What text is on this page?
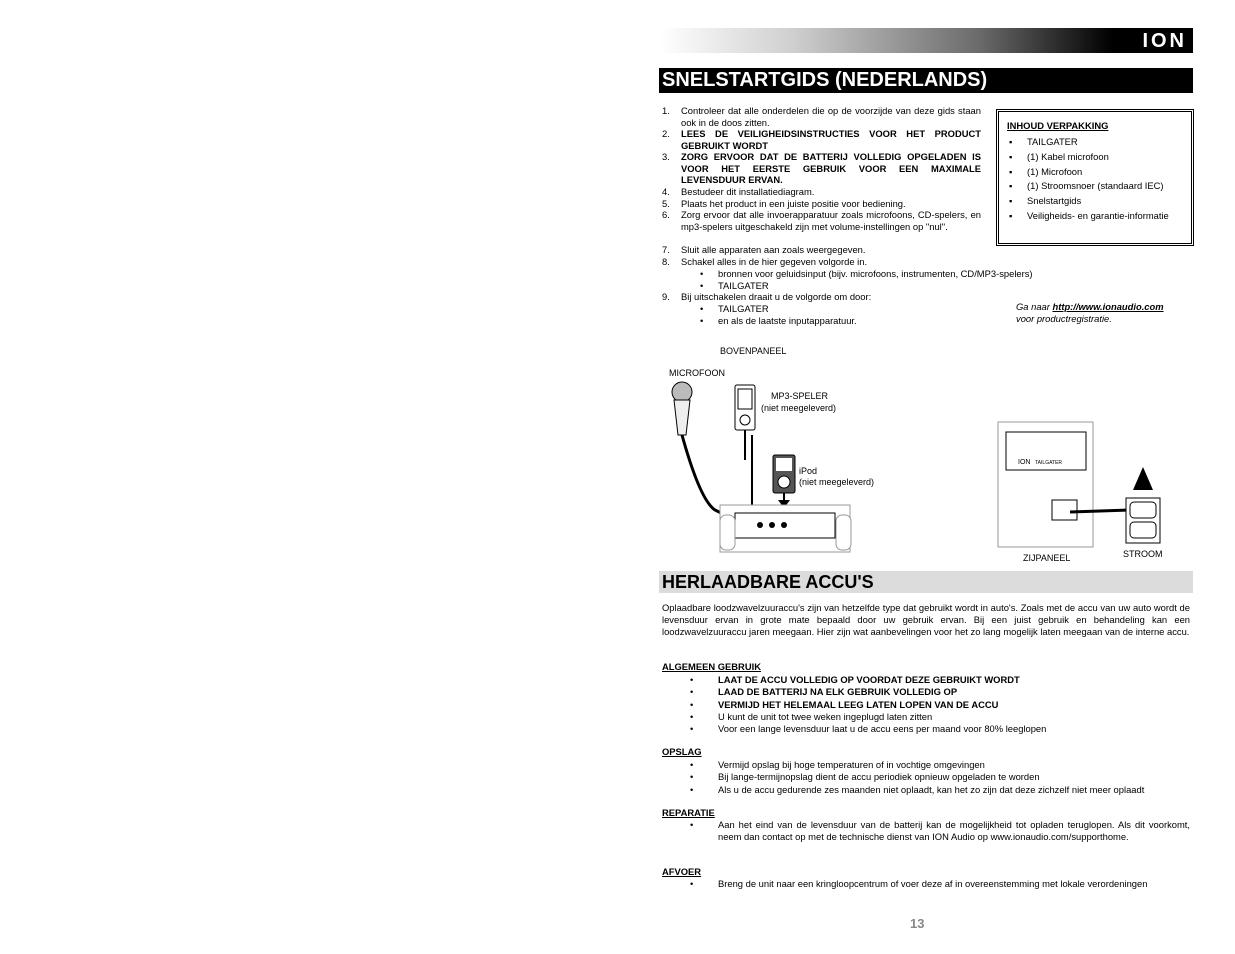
ION
SNELSTARTGIDS (NEDERLANDS)
1.	Controleer dat alle onderdelen die op de voorzijde van deze gids staan ook in de doos zitten.
2.	LEES DE VEILIGHEIDSINSTRUCTIES VOOR HET PRODUCT GEBRUIKT WORDT
3.	ZORG ERVOOR DAT DE BATTERIJ VOLLEDIG OPGELADEN IS VOOR HET EERSTE GEBRUIK VOOR EEN MAXIMALE LEVENSDUUR ERVAN.
4.	Bestudeer dit installatiediagram.
5.	Plaats het product in een juiste positie voor bediening.
6.	Zorg ervoor dat alle invoerapparatuur zoals microfoons, CD-spelers, en mp3-spelers uitgeschakeld zijn met volume-instellingen op "nul".
7.	Sluit alle apparaten aan zoals weergegeven.
8.	Schakel alles in de hier gegeven volgorde in.
• bronnen voor geluidsinput (bijv. microfoons, instrumenten, CD/MP3-spelers)
• TAILGATER
9.	Bij uitschakelen draait u de volgorde om door:
• TAILGATER
• en als de laatste inputapparatuur.
INHOUD VERPAKKING
▪ TAILGATER
▪ (1) Kabel microfoon
▪ (1) Microfoon
▪ (1) Stroomsnoer (standaard IEC)
▪ Snelstartgids
▪ Veiligheids- en garantie-informatie
Ga naar http://www.ionaudio.com
voor productregistratie.
BOVENPANEEL
MICROFOON
MP3-SPELER
(niet meegeleverd)
iPod
(niet meegeleverd)
ZIJPANEEL	STROOM
ION TAILGATER
HERLAADBARE ACCU'S
Oplaadbare loodzwavelzuuraccu's zijn van hetzelfde type dat gebruikt wordt in auto's. Zoals met de accu van uw auto wordt de levensduur ervan in grote mate bepaald door uw gebruik ervan. Bij een juist gebruik en behandeling kan een loodzwavelzuuraccu jaren meegaan. Hier zijn wat aanbevelingen voor het zo lang mogelijk laten meegaan van de interne accu.
ALGEMEEN GEBRUIK
•	LAAT DE ACCU VOLLEDIG OP VOORDAT DEZE GEBRUIKT WORDT
•	LAAD DE BATTERIJ NA ELK GEBRUIK VOLLEDIG OP
•	VERMIJD HET HELEMAAL LEEG LATEN LOPEN VAN DE ACCU
•	U kunt de unit tot twee weken ingeplugd laten zitten
•	Voor een lange levensduur laat u de accu eens per maand voor 80% leeglopen
OPSLAG
•	Vermijd opslag bij hoge temperaturen of in vochtige omgevingen
•	Bij lange-termijnopslag dient de accu periodiek opnieuw opgeladen te worden
•	Als u de accu gedurende zes maanden niet oplaadt, kan het zo zijn dat deze zichzelf niet meer oplaadt
REPARATIE
•	Aan het eind van de levensduur van de batterij kan de mogelijkheid tot opladen teruglopen. Als dit voorkomt, neem dan contact op met de technische dienst van ION Audio op www.ionaudio.com/supporthome.
AFVOER
•	Breng de unit naar een kringloopcentrum of voer deze af in overeenstemming met lokale verordeningen
13
